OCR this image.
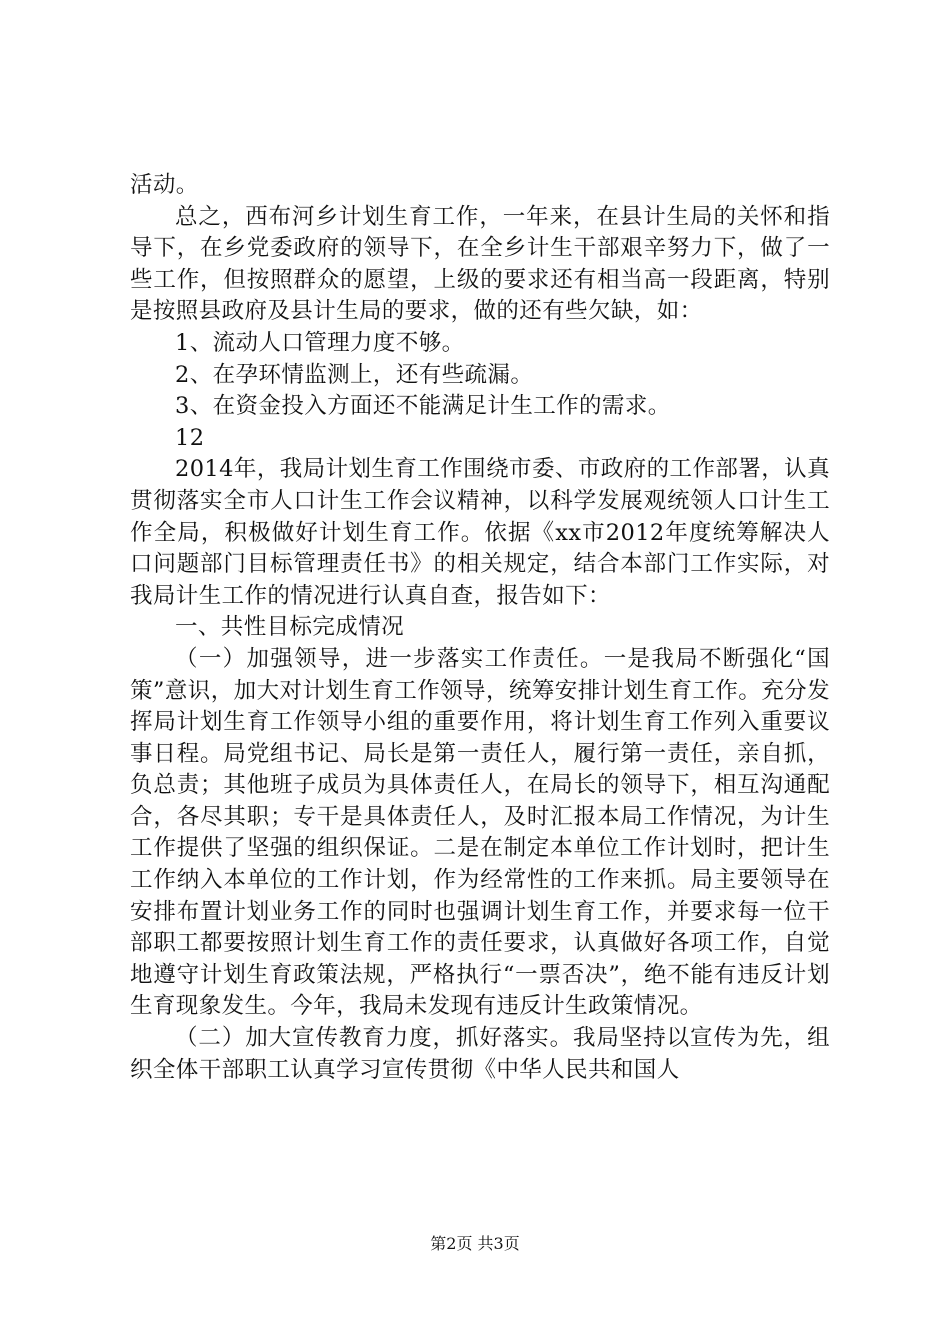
活动。

总之，西布河乡计划生育工作，一年来，在县计生局的关怀和指导下，在乡党委政府的领导下，在全乡计生干部艰辛努力下，做了一些工作，但按照群众的愿望，上级的要求还有相当高一段距离，特别是按照县政府及县计生局的要求，做的还有些欠缺，如：

1、流动人口管理力度不够。

2、在孕环情监测上，还有些疏漏。

3、在资金投入方面还不能满足计生工作的需求。

12

2014年，我局计划生育工作围绕市委、市政府的工作部署，认真贯彻落实全市人口计生工作会议精神，以科学发展观统领人口计生工作全局，积极做好计划生育工作。依据《xx市2012年度统筹解决人口问题部门目标管理责任书》的相关规定，结合本部门工作实际，对我局计生工作的情况进行认真自查，报告如下：

一、共性目标完成情况

（一）加强领导，进一步落实工作责任。一是我局不断强化“国策”意识，加大对计划生育工作领导，统筹安排计划生育工作。充分发挥局计划生育工作领导小组的重要作用，将计划生育工作列入重要议事日程。局党组书记、局长是第一责任人，履行第一责任，亲自抓，负总责；其他班子成员为具体责任人，在局长的领导下，相互沟通配合，各尽其职；专干是具体责任人，及时汇报本局工作情况，为计生工作提供了坚强的组织保证。二是在制定本单位工作计划时，把计生工作纳入本单位的工作计划，作为经常性的工作来抓。局主要领导在安排布置计划业务工作的同时也强调计划生育工作，并要求每一位干部职工都要按照计划生育工作的责任要求，认真做好各项工作，自觉地遵守计划生育政策法规，严格执行“一票否决”，绝不能有违反计划生育现象发生。今年，我局未发现有违反计生政策情况。

（二）加大宣传教育力度，抓好落实。我局坚持以宣传为先，组织全体干部职工认真学习宣传贯彻《中华人民共和国人

第2页 共3页
